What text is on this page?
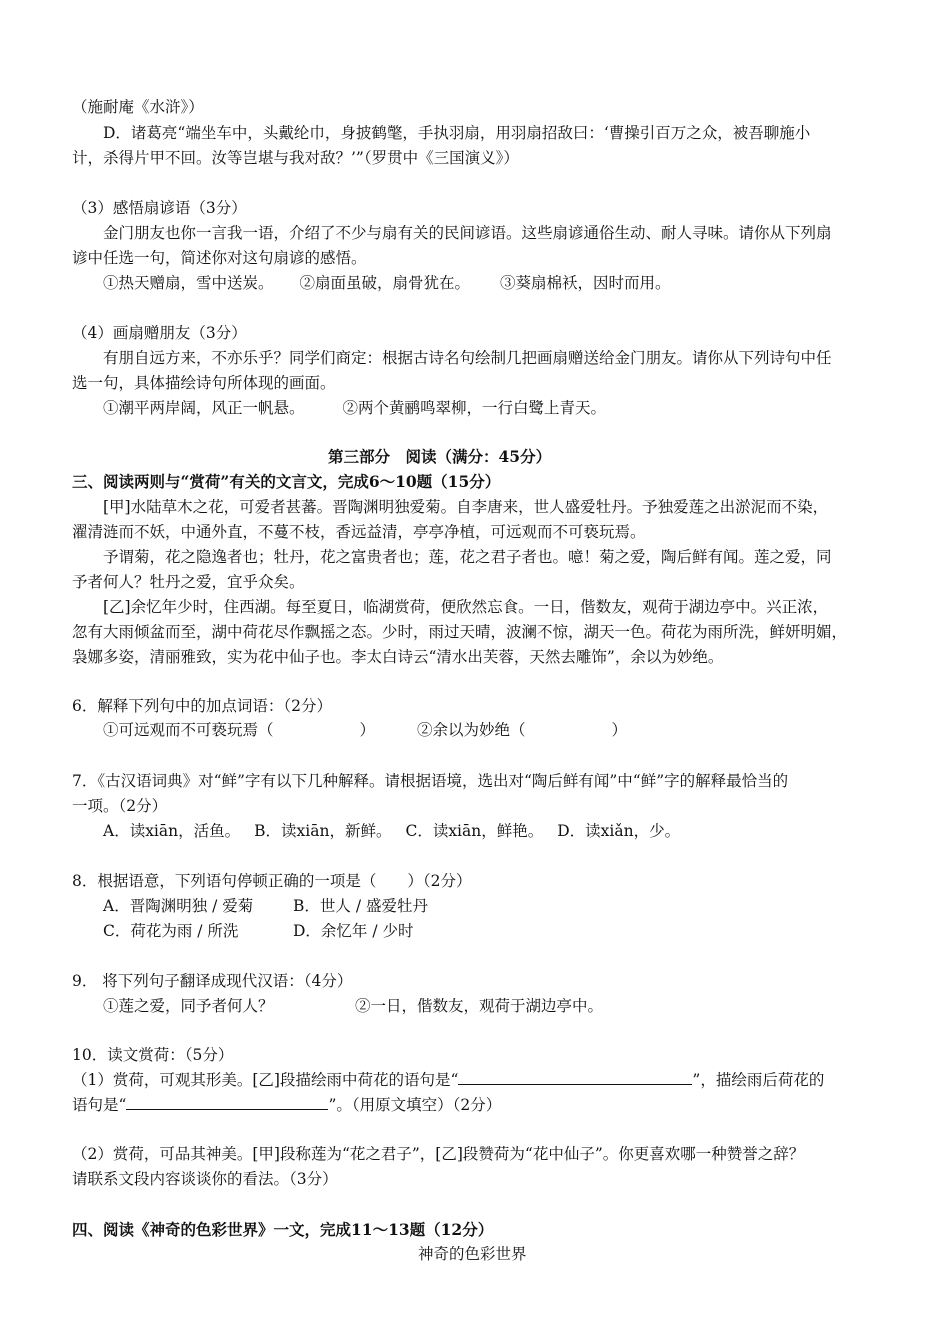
（施耐庵《水浒》）
D．诸葛亮“端坐车中，头戴纶巾，身披鹤氅，手执羽扇，用羽扇招敌曰：‘曹操引百万之众，被吾聊施小
计，杀得片甲不回。汝等岂堪与我对敌？’”（罗贯中《三国演义》）
（3）感悟扇谚语（3分）
金门朋友也你一言我一语，介绍了不少与扇有关的民间谚语。这些扇谚通俗生动、耐人寻味。请你从下列扇
谚中任选一句，简述你对这句扇谚的感悟。
①热天赠扇，雪中送炭。 ②扇面虽破，扇骨犹在。 ③葵扇棉袄，因时而用。
（4）画扇赠朋友（3分）
有朋自远方来，不亦乐乎？同学们商定：根据古诗名句绘制几把画扇赠送给金门朋友。请你从下列诗句中任
选一句，具体描绘诗句所体现的画面。
①潮平两岸阔，风正一帆悬。 ②两个黄鹂鸣翠柳，一行白鹭上青天。
第三部分　阅读（满分：45分）
三、阅读两则与“赏荷”有关的文言文，完成6～10题（15分）
[甲]水陆草木之花，可爱者甚蕃。晋陶渊明独爱菊。自李唐来，世人盛爱牡丹。予独爱莲之出淤泥而不染，
濯清涟而不妖，中通外直，不蔓不枝，香远益清，亭亭净植，可远观而不可亵玩焉。
予谓菊，花之隐逸者也；牡丹，花之富贵者也；莲，花之君子者也。噫！菊之爱，陶后鲜有闻。莲之爱，同
予者何人？牡丹之爱，宜乎众矣。
[乙]余忆年少时，住西湖。每至夏日，临湖赏荷，便欣然忘食。一日，偕数友，观荷于湖边亭中。兴正浓，
忽有大雨倾盆而至，湖中荷花尽作飘摇之态。少时，雨过天晴，波澜不惊，湖天一色。荷花为雨所洗，鲜妍明媚，
袅娜多姿，清丽雅致，实为花中仙子也。李太白诗云“清水出芙蓉，天然去雕饰”，余以为妙绝。
6．解释下列句中的加点词语：（2分）
①可远观而不可亵玩焉（	）	②余以为妙绝（	）
7．《古汉语词典》对“鲜”字有以下几种解释。请根据语境，选出对“陶后鲜有闻”中“鲜”字的解释最恰当的
一项。（2分）
A．读xiān，活鱼。 B．读xiān，新鲜。 C．读xiān，鲜艳。 D．读xiǎn，少。
8．根据语意，下列语句停顿正确的一项是（　　）（2分）
A．晋陶渊明独 / 爱菊	B．世人 / 盛爱牡丹
C．荷花为雨 / 所洗	D．余忆年 / 少时
9． 将下列句子翻译成现代汉语：（4分）
①莲之爱，同予者何人？	②一日，偕数友，观荷于湖边亭中。
10．读文赏荷：（5分）
（1）赏荷，可观其形美。[乙]段描绘雨中荷花的语句是“	”，描绘雨后荷花的
语句是“	”。（用原文填空）（2分）
（2）赏荷，可品其神美。[甲]段称莲为“花之君子”，[乙]段赞荷为“花中仙子”。你更喜欢哪一种赞誉之辞？
请联系文段内容谈谈你的看法。（3分）
四、阅读《神奇的色彩世界》一文，完成11～13题（12分）
神奇的色彩世界
